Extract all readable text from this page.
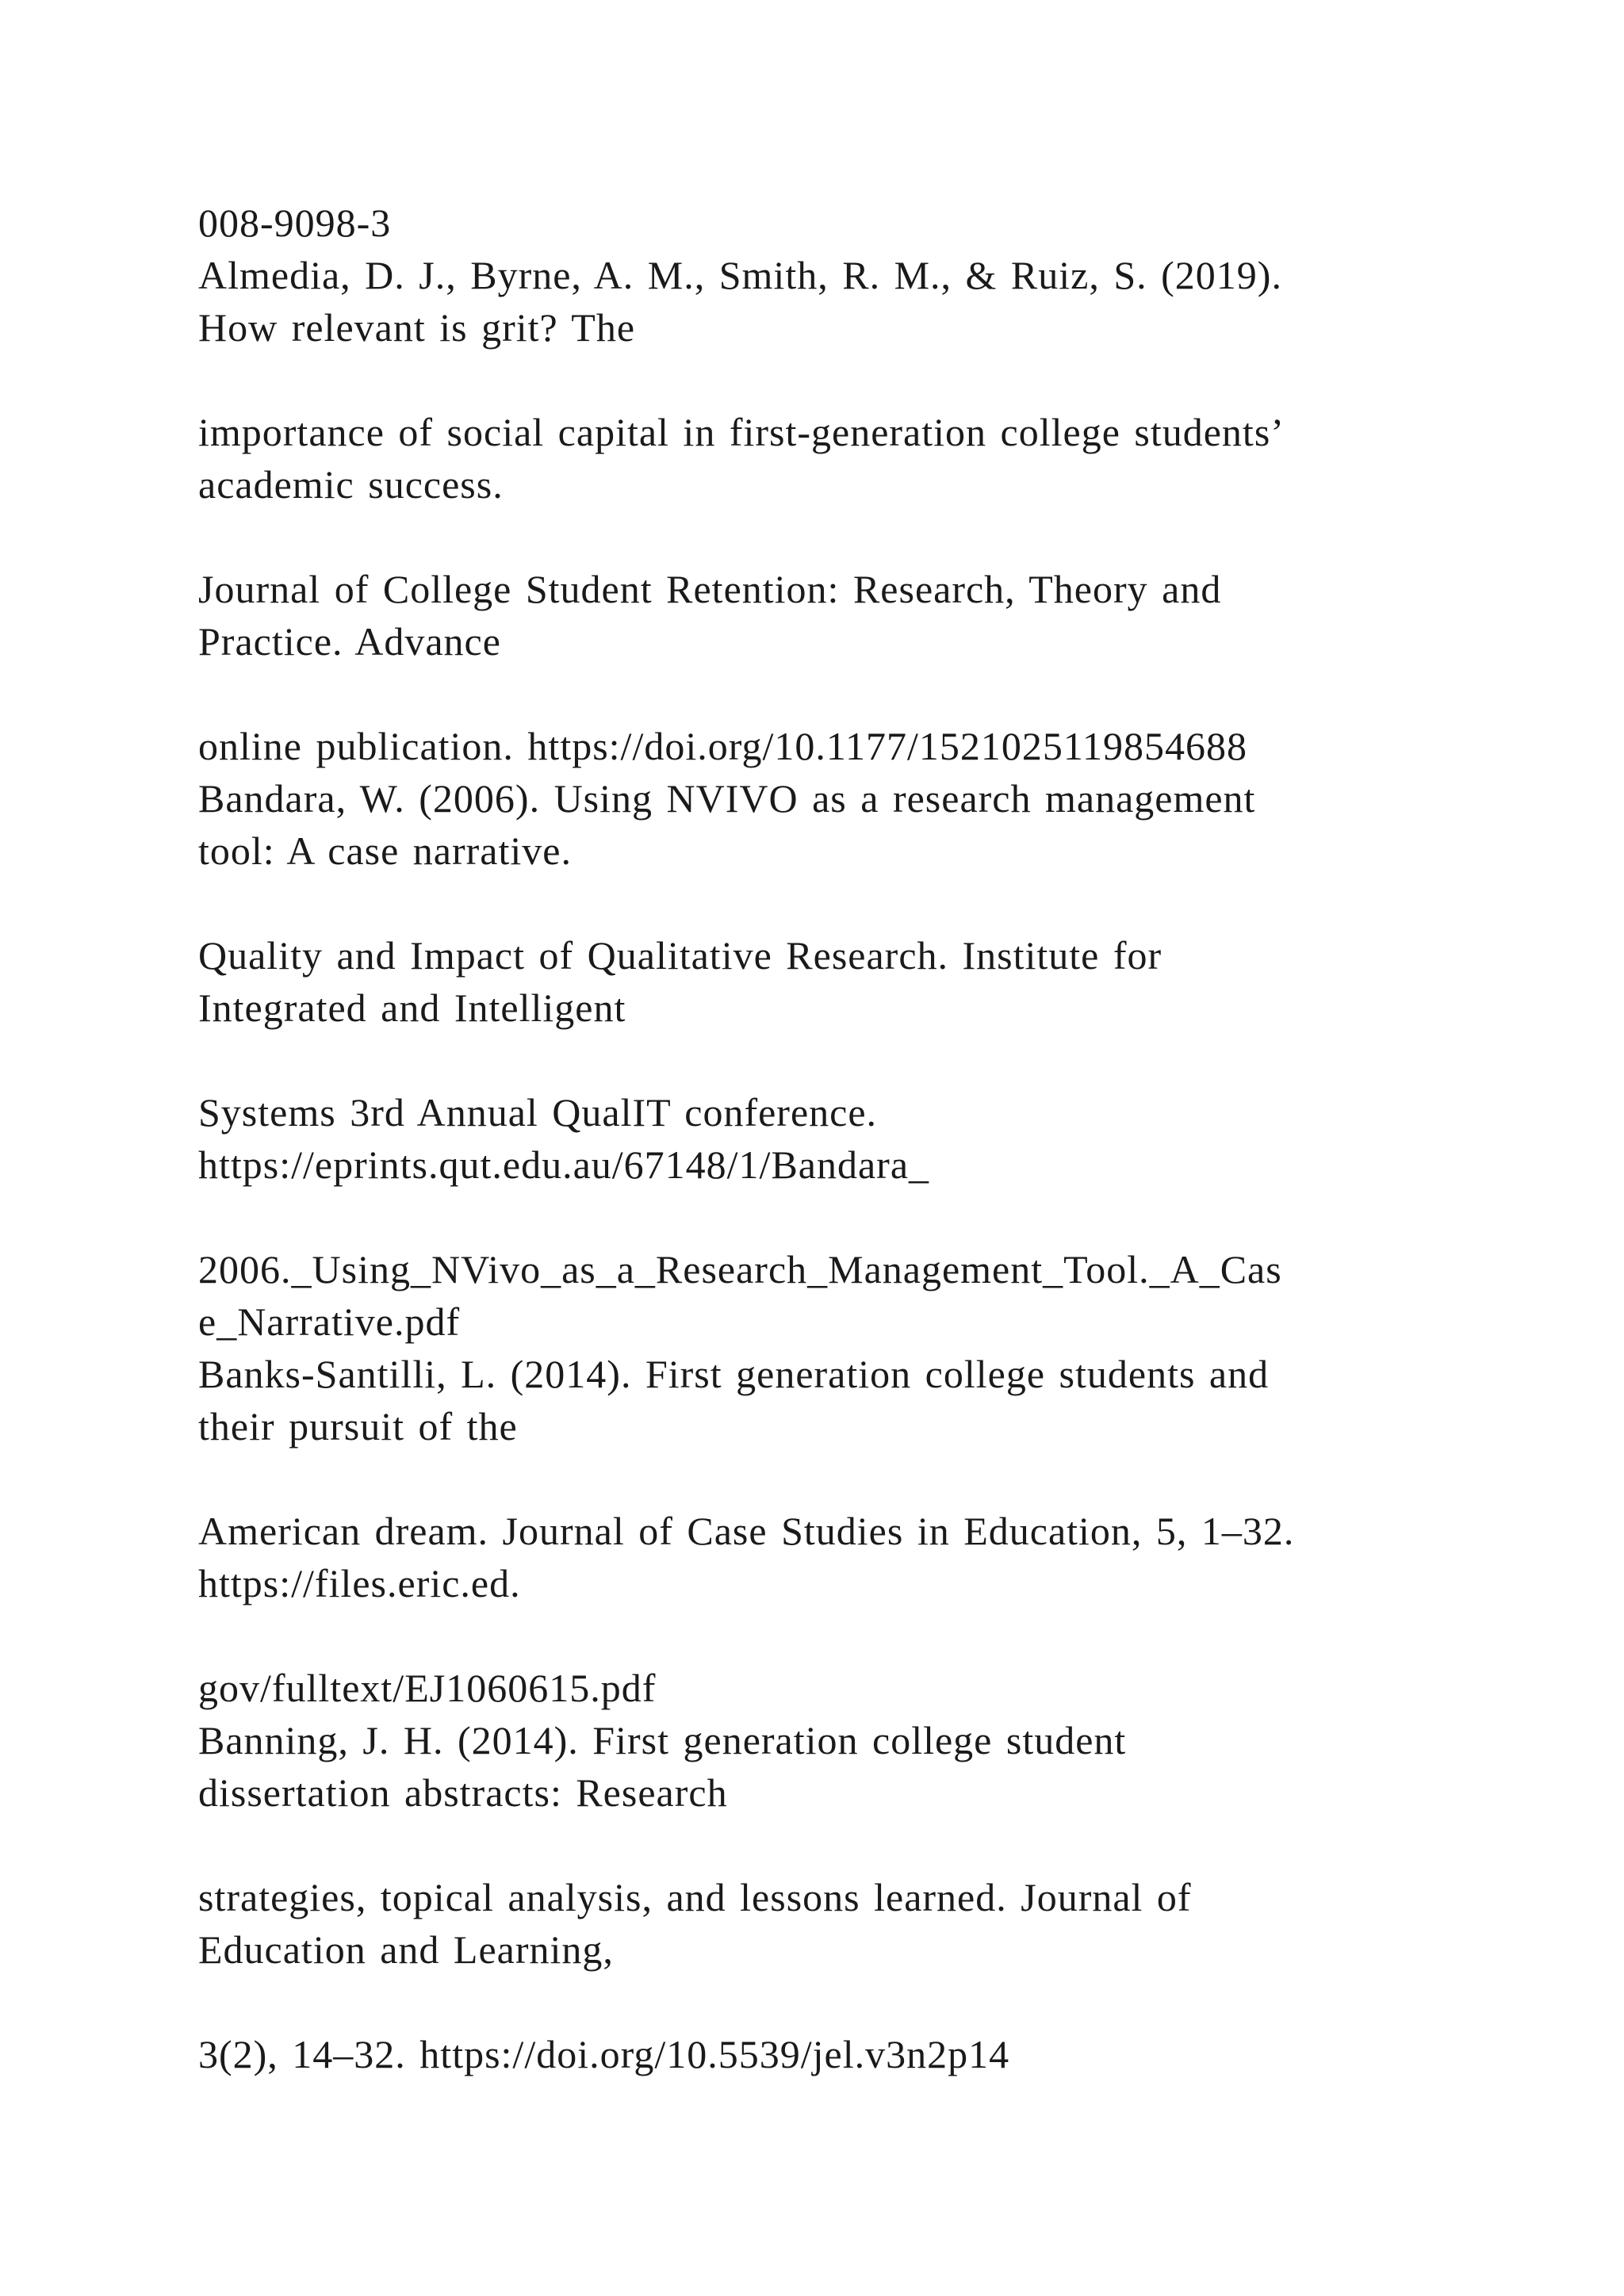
008-9098-3
Almedia, D. J., Byrne, A. M., Smith, R. M., & Ruiz, S. (2019).
How relevant is grit? The
importance of social capital in first-generation college students’
academic success.
Journal of College Student Retention: Research, Theory and
Practice. Advance
online publication. https://doi.org/10.1177/1521025119854688
Bandara, W. (2006). Using NVIVO as a research management
tool: A case narrative.
Quality and Impact of Qualitative Research. Institute for
Integrated and Intelligent
Systems 3rd Annual QualIT conference.
https://eprints.qut.edu.au/67148/1/Bandara_
2006._Using_NVivo_as_a_Research_Management_Tool._A_Cas
e_Narrative.pdf
Banks-Santilli, L. (2014). First generation college students and
their pursuit of the
American dream. Journal of Case Studies in Education, 5, 1–32.
https://files.eric.ed.
gov/fulltext/EJ1060615.pdf
Banning, J. H. (2014). First generation college student
dissertation abstracts: Research
strategies, topical analysis, and lessons learned. Journal of
Education and Learning,
3(2), 14–32. https://doi.org/10.5539/jel.v3n2p14
